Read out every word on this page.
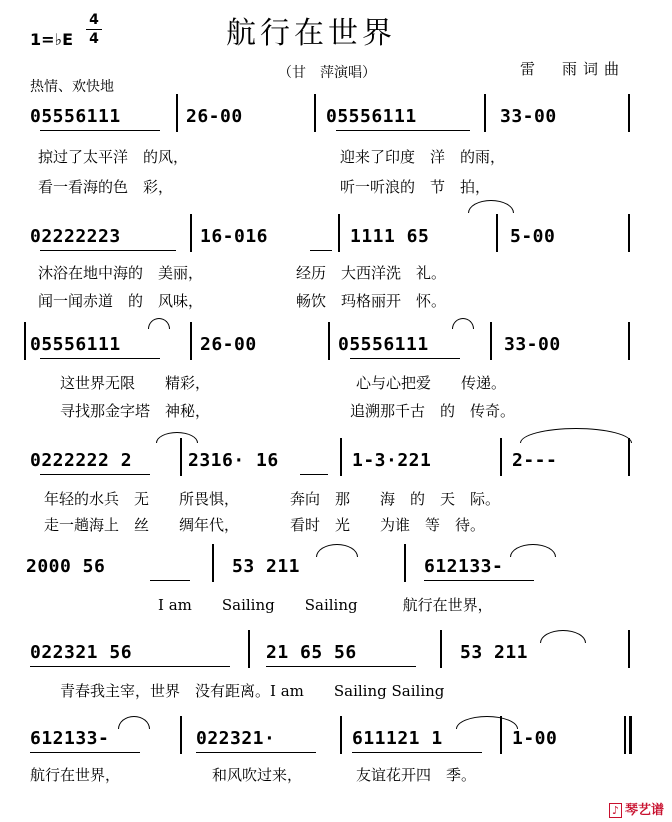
航行在世界
1=♭E
4
4
（甘　萍演唱）	雷　雨词曲
热情、欢快地
05556111	26-00	05556111	33-00
掠过了太平洋　的风，	迎来了印度　洋　的雨，
看一看海的色　彩，	听一听浪的　节　拍，
02222223	16-016	1111 65	5-00
沐浴在地中海的　美丽，	经历　大西洋洗　礼。
闻一闻赤道　的　风味，	畅饮　玛格丽开　怀。
05556111	26-00	05556111	33-00
这世界无限　　精彩，	心与心把爱　　传递。
寻找那金字塔　神秘，	追溯那千古　的　传奇。
0222222 2	2316· 16	1-3·221	2---
年轻的水兵　无　　所畏惧，	奔向　那　　海　的　天　际。
走一趟海上　丝　　绸年代，	看时　光　　为谁　等　待。
2000 56	53 211	612133-
I am　　Sailing　　Sailing　　　航行在世界，
022321 56	21 65 56	53 211
青春我主宰，世界　没有距离。I am　　Sailing Sailing
612133-	022321·	611121 1	1-00
航行在世界，	和风吹过来，	友谊花开四　季。
♪ 琴艺谱
